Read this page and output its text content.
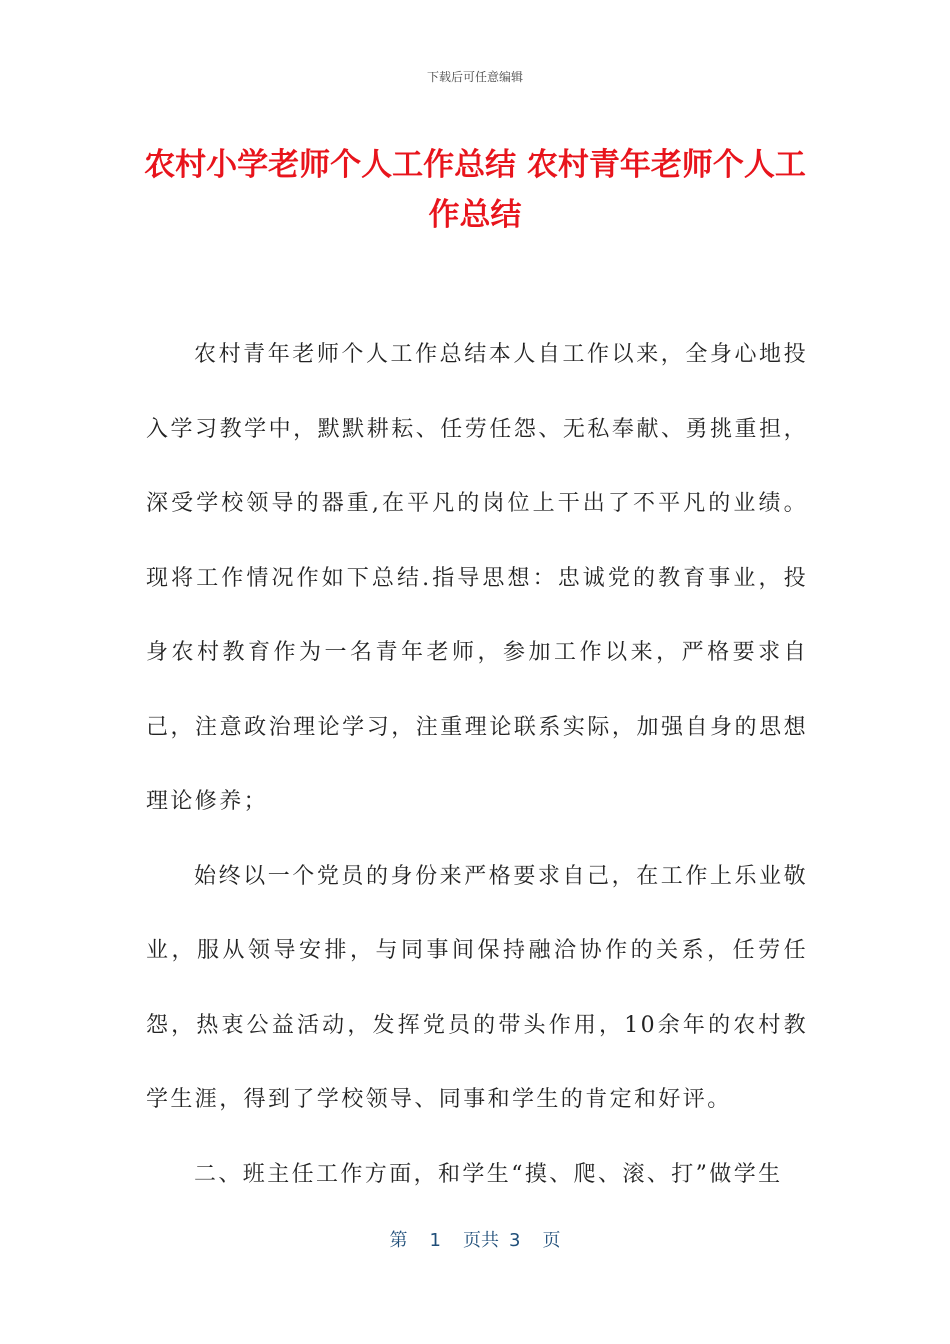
下载后可任意编辑
农村小学老师个人工作总结 农村青年老师个人工作总结

农村青年老师个人工作总结本人自工作以来，全身心地投入学习教学中，默默耕耘、任劳任怨、无私奉献、勇挑重担，深受学校领导的器重,在平凡的岗位上干出了不平凡的业绩。现将工作情况作如下总结.指导思想：忠诚党的教育事业，投身农村教育作为一名青年老师，参加工作以来，严格要求自己，注意政治理论学习，注重理论联系实际，加强自身的思想理论修养；

始终以一个党员的身份来严格要求自己，在工作上乐业敬业，服从领导安排，与同事间保持融洽协作的关系，任劳任怨，热衷公益活动，发挥党员的带头作用，10余年的农村教学生涯，得到了学校领导、同事和学生的肯定和好评。

二、班主任工作方面，和学生“摸、爬、滚、打”做学生

第 1 页共 3 页
